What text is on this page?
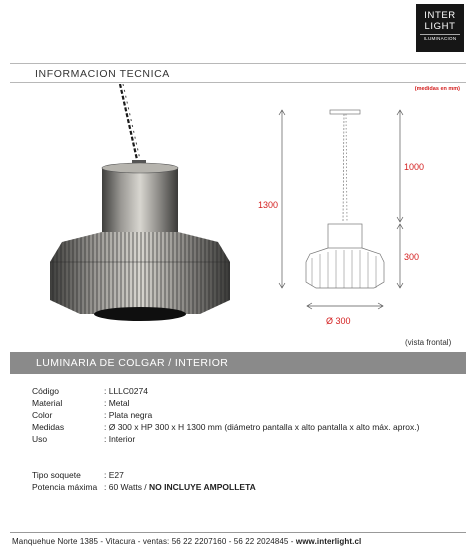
INTER
LIGHT
ILUMINACION
INFORMACION TECNICA
(medidas en mm)
1300
1000
300
Ø 300
(vista frontal)
LUMINARIA DE COLGAR / INTERIOR
Código	: LLLC0274
Material	: Metal
Color	: Plata negra
Medidas	: Ø 300 x HP 300 x H 1300 mm (diámetro pantalla x alto pantalla x alto máx. aprox.)
Uso	: Interior
Tipo soquete	: E27
Potencia máxima : 60 Watts / NO INCLUYE AMPOLLETA
Manquehue Norte 1385 - Vitacura - ventas: 56 22 2207160 - 56 22 2024845 - www.interlight.cl
